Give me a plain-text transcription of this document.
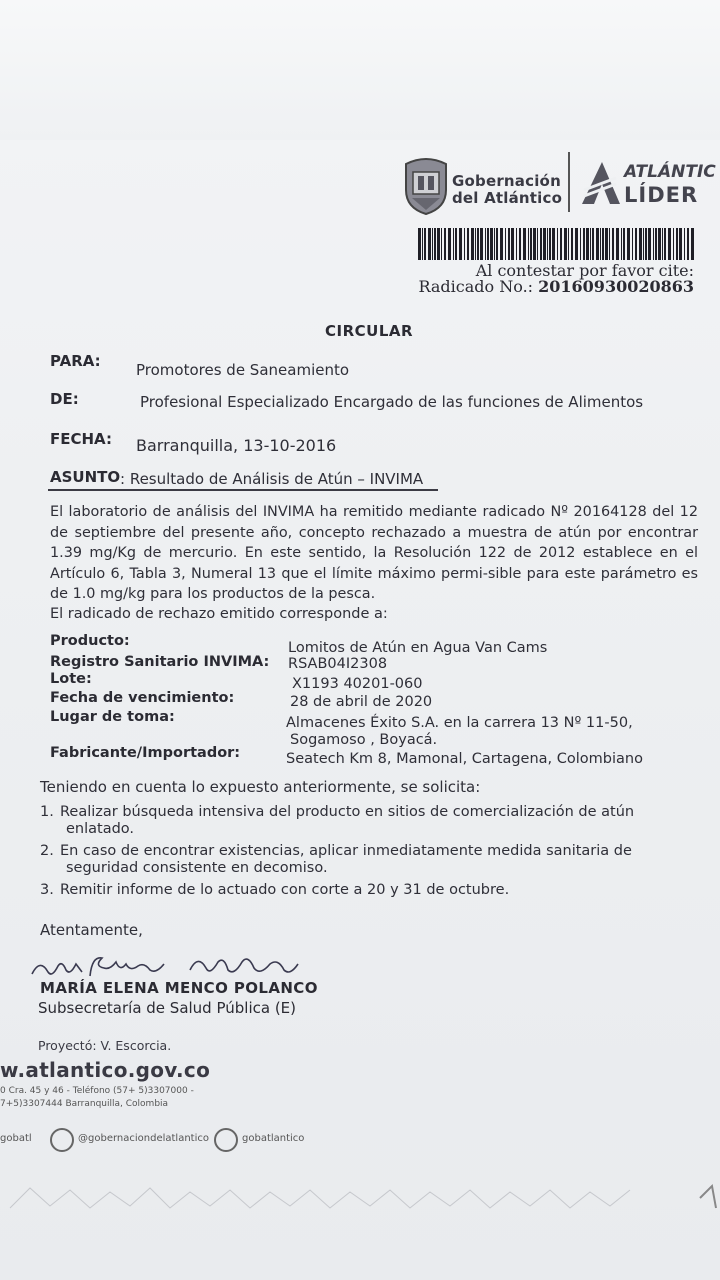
Gobernación
del Atlántico
ATLÁNTIC
LÍDER
Al contestar por favor cite:
Radicado No.: 20160930020863
CIRCULAR
PARA: Promotores de Saneamiento
DE:	Profesional Especializado Encargado de las funciones de Alimentos
FECHA: Barranquilla, 13-10-2016
ASUNTO : Resultado de Análisis de Atún – INVIMA
El laboratorio de análisis del INVIMA ha remitido mediante radicado Nº 20164128 del 12 de septiembre del presente año, concepto rechazado a muestra de atún por encontrar 1.39 mg/Kg de mercurio. En este sentido, la Resolución 122 de 2012 establece en el Artículo 6, Tabla 3, Numeral 13 que el límite máximo permi-sible para este parámetro es de 1.0 mg/kg para los productos de la pesca.
El radicado de rechazo emitido corresponde a:
Producto:	Lomitos de Atún en Agua Van Cams
Registro Sanitario INVIMA: RSAB04I2308
Lote:	X1193 40201-060
Fecha de vencimiento:	28 de abril de 2020
Lugar de toma:	Almacenes Éxito S.A. en la carrera 13 Nº 11-50,
Sogamoso , Boyacá.
Fabricante/Importador:	Seatech Km 8, Mamonal, Cartagena, Colombiano
Teniendo en cuenta lo expuesto anteriormente, se solicita:
1. Realizar búsqueda intensiva del producto en sitios de comercialización de atún
enlatado.
2. En caso de encontrar existencias, aplicar inmediatamente medida sanitaria de
seguridad consistente en decomiso.
3. Remitir informe de lo actuado con corte a 20 y 31 de octubre.
Atentamente,
MARÍA ELENA MENCO POLANCO
Subsecretaría de Salud Pública (E)
Proyectó: V. Escorcia.
w.atlantico.gov.co
0 Cra. 45 y 46 - Teléfono (57+ 5)3307000 -
7+5)3307444 Barranquilla, Colombia
gobatl	@gobernaciondelatlantico	gobatlantico
